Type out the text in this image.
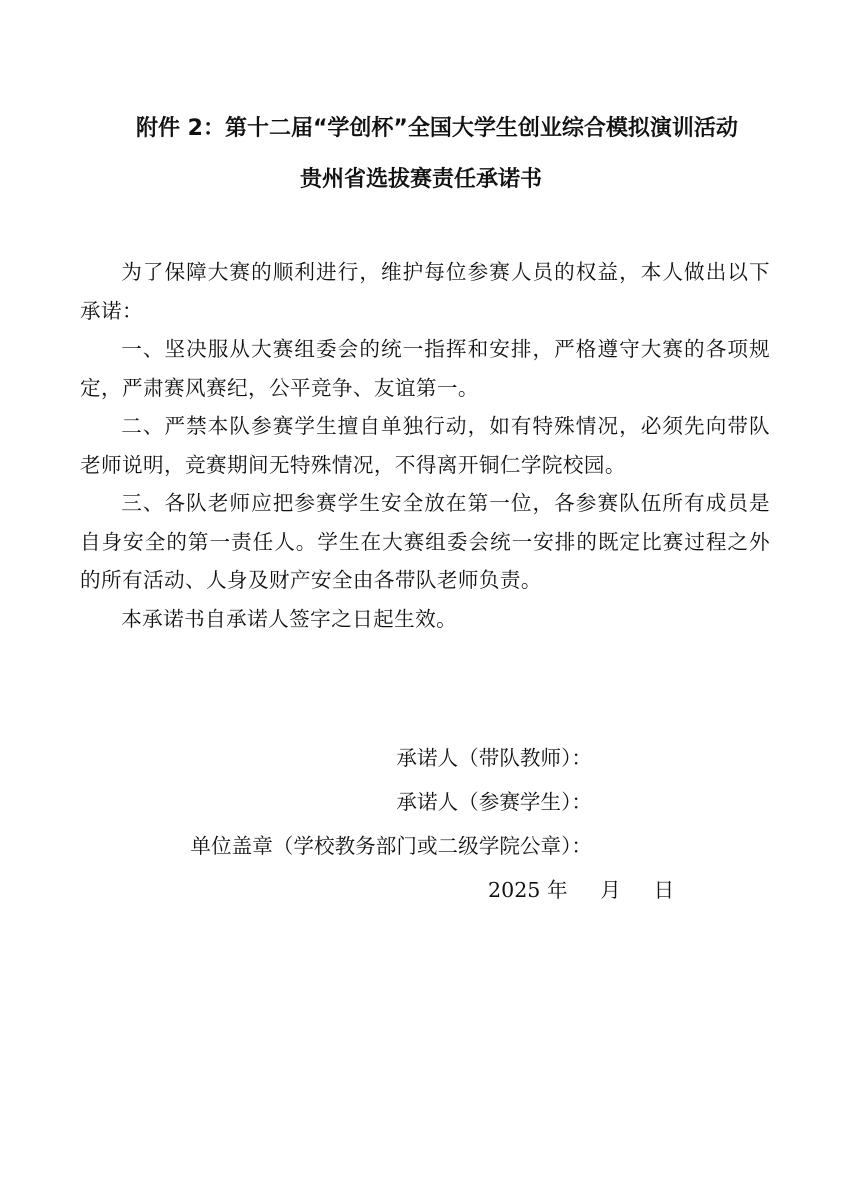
附件 2：第十二届“学创杯”全国大学生创业综合模拟演训活动
贵州省选拔赛责任承诺书

为了保障大赛的顺利进行，维护每位参赛人员的权益，本人做出以下承诺：

一、坚决服从大赛组委会的统一指挥和安排，严格遵守大赛的各项规定，严肃赛风赛纪，公平竞争、友谊第一。

二、严禁本队参赛学生擅自单独行动，如有特殊情况，必须先向带队老师说明，竞赛期间无特殊情况，不得离开铜仁学院校园。

三、各队老师应把参赛学生安全放在第一位，各参赛队伍所有成员是自身安全的第一责任人。学生在大赛组委会统一安排的既定比赛过程之外的所有活动、人身及财产安全由各带队老师负责。

本承诺书自承诺人签字之日起生效。

承诺人（带队教师）：
承诺人（参赛学生）：
单位盖章（学校教务部门或二级学院公章）：
2025 年     月     日
